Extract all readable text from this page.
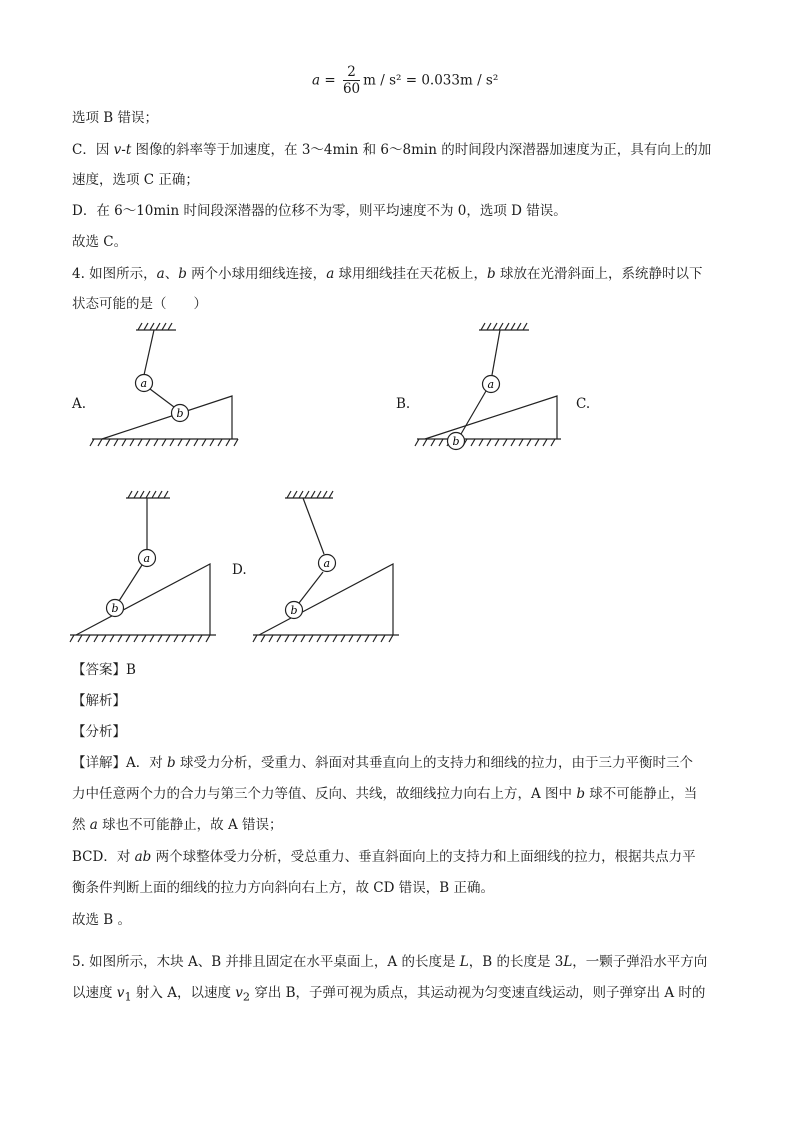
$a = \frac{2}{60}$ m / s² = 0.033m / s²
选项 B 错误；
C．因 v-t 图像的斜率等于加速度，在 3～4min 和 6～8min 的时间段内深潜器加速度为正，具有向上的加
速度，选项 C 正确；
D．在 6～10min 时间段深潜器的位移不为零，则平均速度不为 0，选项 D 错误。
故选 C。
4. 如图所示，a、b 两个小球用细线连接，a 球用细线挂在天花板上，b 球放在光滑斜面上，系统静时以下
状态可能的是（　　）
A.	B.	C.
D.
a
b
a
b
a
b
a
b
【答案】B
【解析】
【分析】
【详解】A．对 b 球受力分析，受重力、斜面对其垂直向上的支持力和细线的拉力，由于三力平衡时三个
力中任意两个力的合力与第三个力等值、反向、共线，故细线拉力向右上方，A 图中 b 球不可能静止，当
然 a 球也不可能静止，故 A 错误；
BCD．对 ab 两个球整体受力分析，受总重力、垂直斜面向上的支持力和上面细线的拉力，根据共点力平
衡条件判断上面的细线的拉力方向斜向右上方，故 CD 错误，B 正确。
故选 B 。
5. 如图所示，木块 A、B 并排且固定在水平桌面上，A 的长度是 L，B 的长度是 3L，一颗子弹沿水平方向
以速度 $v_1$ 射入 A，以速度 $v_2$ 穿出 B，子弹可视为质点，其运动视为匀变速直线运动，则子弹穿出 A 时的
